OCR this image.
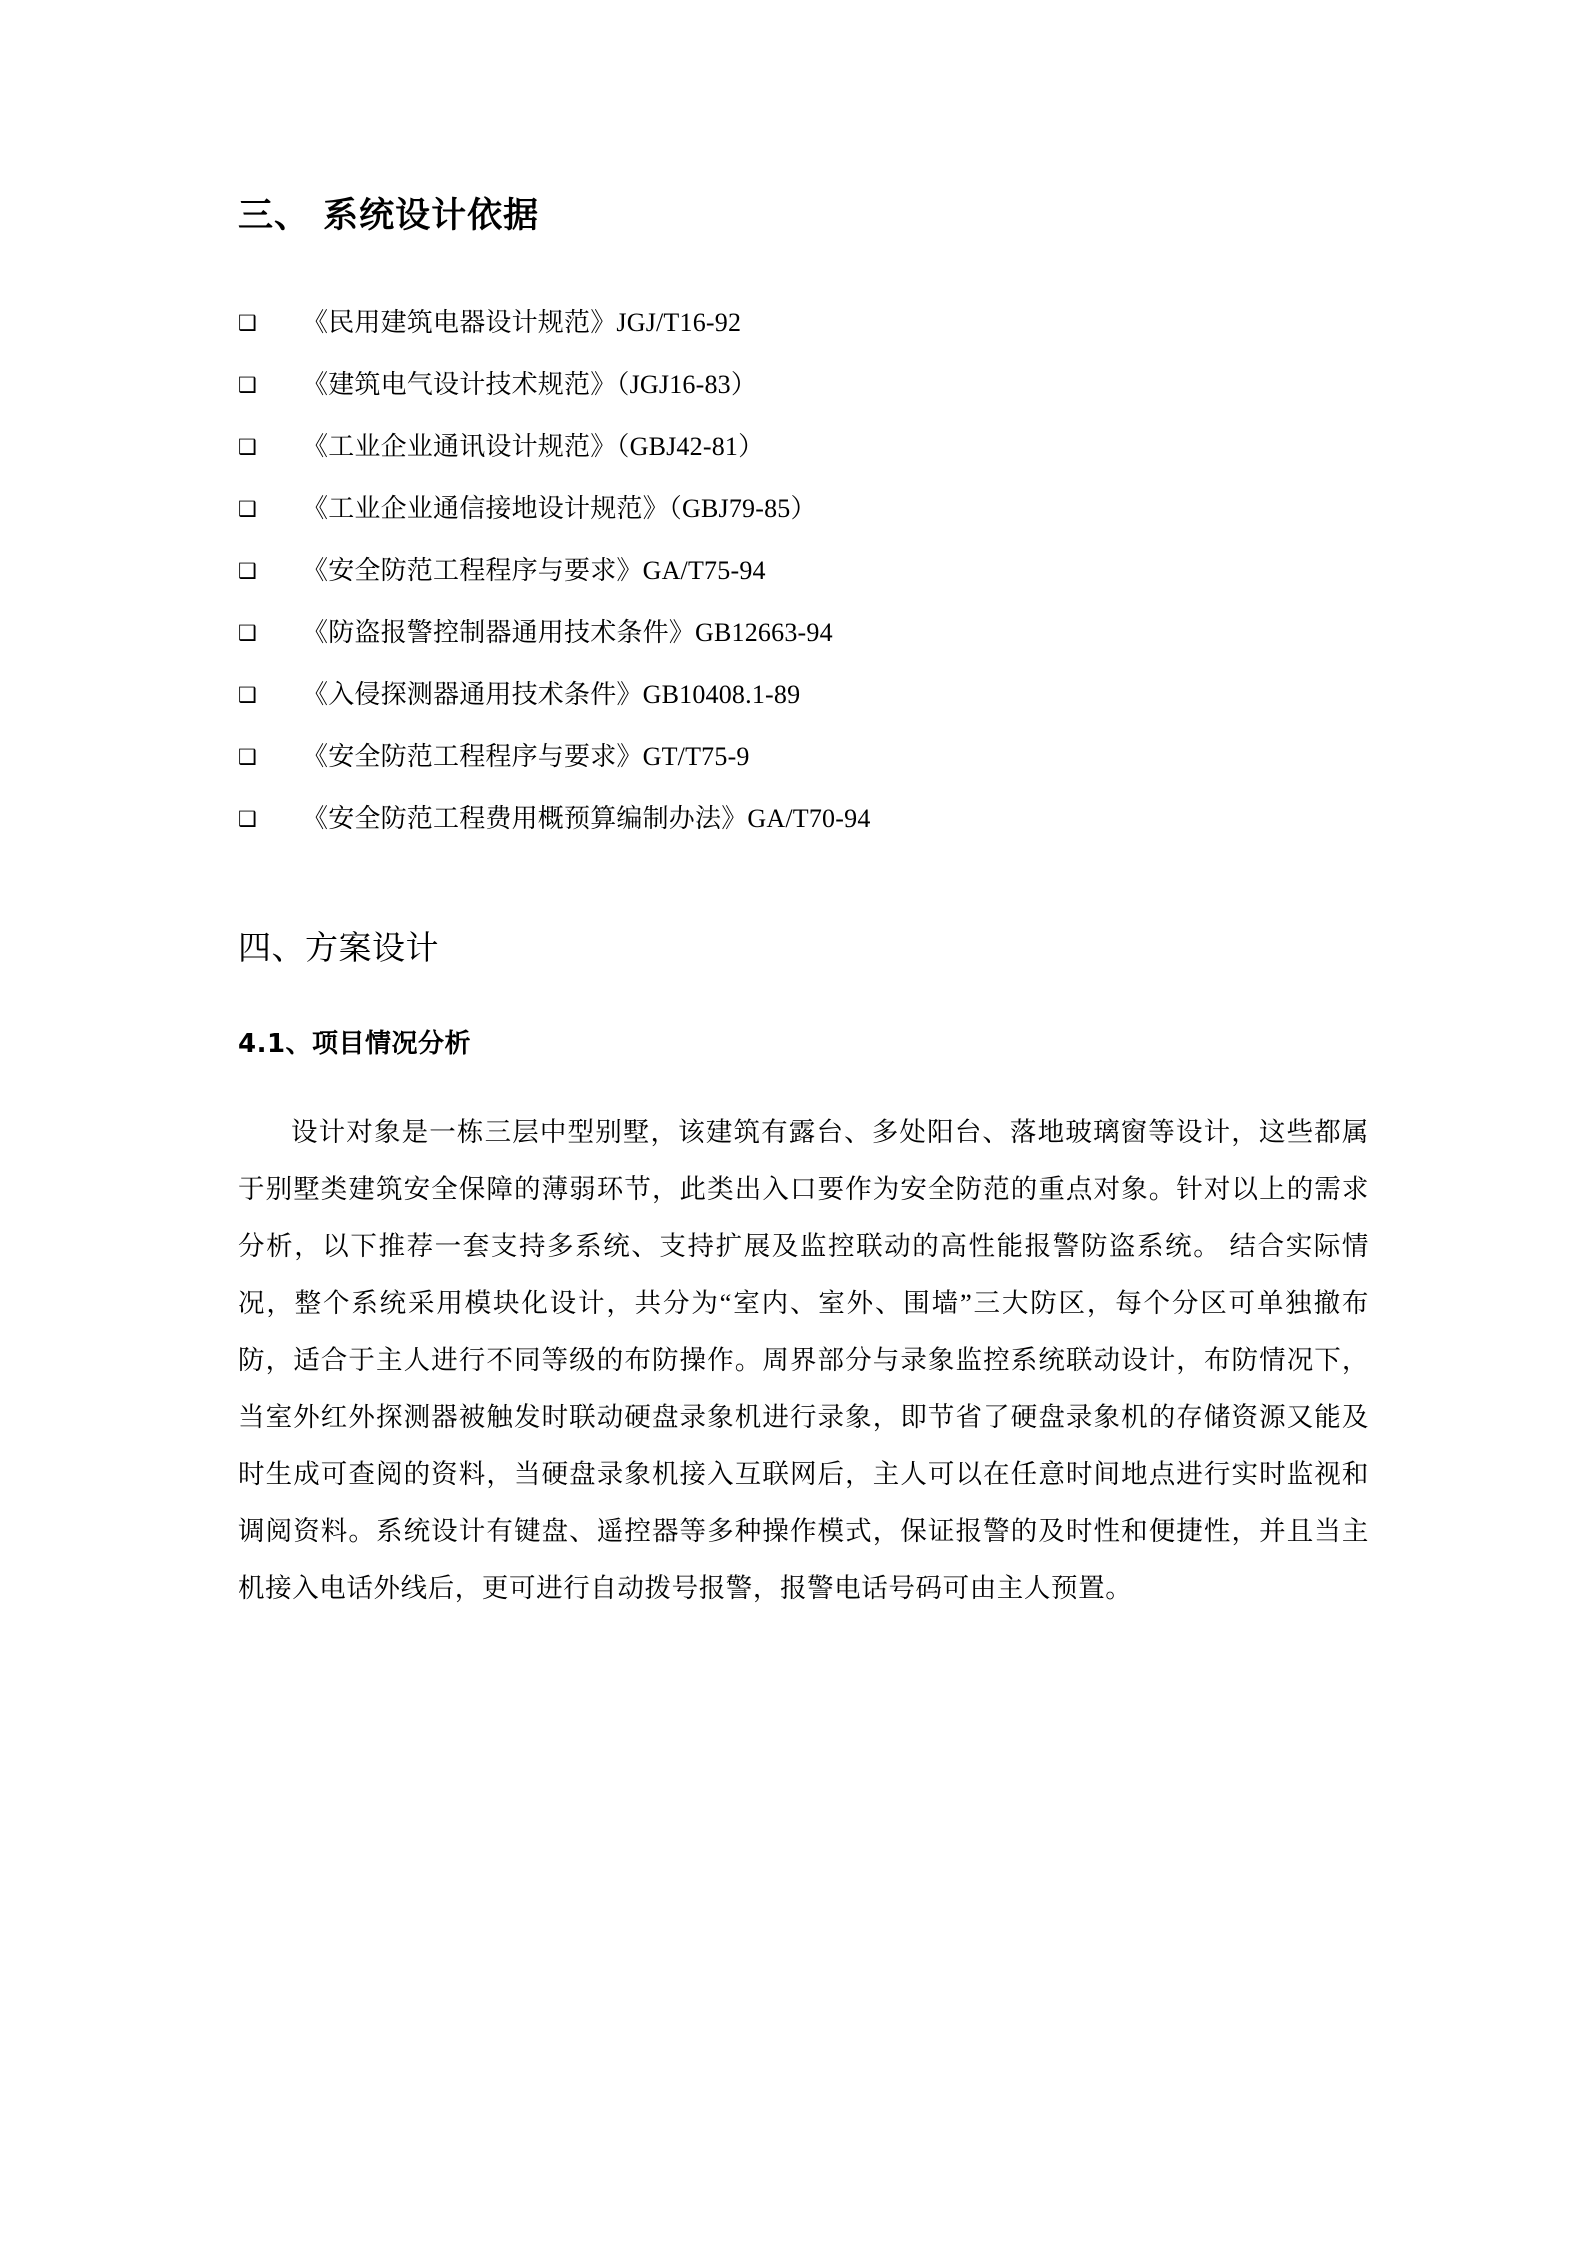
三、 系统设计依据
❑	《民用建筑电器设计规范》JGJ/T16-92
❑	《建筑电气设计技术规范》（JGJ16-83）
❑	《工业企业通讯设计规范》（GBJ42-81）
❑	《工业企业通信接地设计规范》（GBJ79-85）
❑	《安全防范工程程序与要求》GA/T75-94
❑	《防盗报警控制器通用技术条件》GB12663-94
❑	《入侵探测器通用技术条件》GB10408.1-89
❑	《安全防范工程程序与要求》GT/T75-9
❑	《安全防范工程费用概预算编制办法》GA/T70-94
四、方案设计
4.1、项目情况分析

设计对象是一栋三层中型别墅，该建筑有露台、多处阳台、落地玻璃窗等设计，这些都属于别墅类建筑安全保障的薄弱环节，此类出入口要作为安全防范的重点对象。针对以上的需求分析，以下推荐一套支持多系统、支持扩展及监控联动的高性能报警防盗系统。 结合实际情况，整个系统采用模块化设计，共分为“室内、室外、围墙”三大防区，每个分区可单独撤布防，适合于主人进行不同等级的布防操作。周界部分与录象监控系统联动设计，布防情况下，当室外红外探测器被触发时联动硬盘录象机进行录象，即节省了硬盘录象机的存储资源又能及时生成可查阅的资料，当硬盘录象机接入互联网后，主人可以在任意时间地点进行实时监视和调阅资料。系统设计有键盘、遥控器等多种操作模式，保证报警的及时性和便捷性，并且当主机接入电话外线后，更可进行自动拨号报警，报警电话号码可由主人预置。
